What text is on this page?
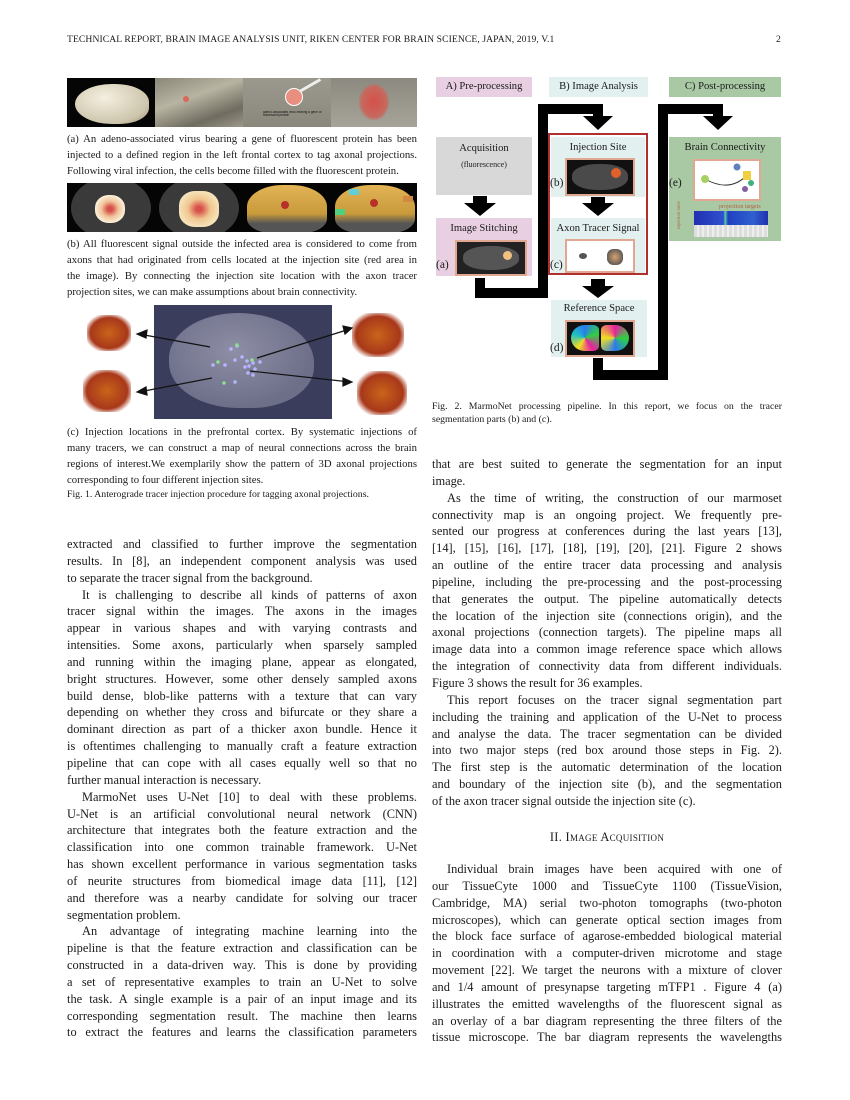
TECHNICAL REPORT, BRAIN IMAGE ANALYSIS UNIT, RIKEN CENTER FOR BRAIN SCIENCE, JAPAN, 2019, V.1	2
adeno-associated virus bearing a gene of fluorescent protein
(a) An adeno-associated virus bearing a gene of fluorescent protein has been
injected to a defined region in the left frontal cortex to tag axonal projections.
Following viral infection, the cells become filled with the fluorescent protein.
(b) All fluorescent signal outside the infected area is considered to come from
axons that had originated from cells located at the injection site (red area in
the image). By connecting the injection site location with the axon tracer
projection sites, we can make assumptions about brain connectivity.
(c) Injection locations in the prefrontal cortex. By systematic injections of
many tracers, we can construct a map of neural connections across the brain
regions of interest.We exemplarily show the pattern of 3D axonal projections
corresponding to four different injection sites.
Fig. 1. Anterograde tracer injection procedure for tagging axonal projections.
A) Pre-processing	B) Image Analysis	C) Post-processing
Acquisition
(fluorescence)
Image Stitching
Injection Site
Axon Tracer Signal
Reference Space
Brain Connectivity
projection targets
injection sites
(a)
(b)
(c)
(d)
(e)
Fig. 2. MarmoNet processing pipeline. In this report, we focus on the tracer
segmentation parts (b) and (c).
extracted and classified to further improve the segmentation
results. In [8], an independent component analysis was used
to separate the tracer signal from the background.
It is challenging to describe all kinds of patterns of axon
tracer signal within the images. The axons in the images
appear in various shapes and with varying contrasts and
intensities. Some axons, particularly when sparsely sampled
and running within the imaging plane, appear as elongated,
bright structures. However, some other densely sampled axons
build dense, blob-like patterns with a texture that can vary
depending on whether they cross and bifurcate or they share a
dominant direction as part of a thicker axon bundle. Hence it
is oftentimes challenging to manually craft a feature extraction
pipeline that can cope with all cases equally well so that no
further manual interaction is necessary.
MarmoNet uses U-Net [10] to deal with these problems.
U-Net is an artificial convolutional neural network (CNN)
architecture that integrates both the feature extraction and the
classification into one common trainable framework. U-Net
has shown excellent performance in various segmentation tasks
of neurite structures from biomedical image data [11], [12]
and therefore was a nearby candidate for solving our tracer
segmentation problem.
An advantage of integrating machine learning into the
pipeline is that the feature extraction and classification can be
constructed in a data-driven way. This is done by providing
a set of representative examples to train an U-Net to solve
the task. A single example is a pair of an input image and its
corresponding segmentation result. The machine then learns
to extract the features and learns the classification parameters
that are best suited to generate the segmentation for an input
image.
As the time of writing, the construction of our marmoset
connectivity map is an ongoing project. We frequently pre-
sented our progress at conferences during the last years [13],
[14], [15], [16], [17], [18], [19], [20], [21]. Figure 2 shows
an outline of the entire tracer data processing and analysis
pipeline, including the pre-processing and the post-processing
that generates the output. The pipeline automatically detects
the location of the injection site (connections origin), and the
axonal projections (connection targets). The pipeline maps all
image data into a common image reference space which allows
the integration of connectivity data from different individuals.
Figure 3 shows the result for 36 examples.
This report focuses on the tracer signal segmentation part
including the training and application of the U-Net to process
and analyse the data. The tracer segmentation can be divided
into two major steps (red box around those steps in Fig. 2).
The first step is the automatic determination of the location
and boundary of the injection site (b), and the segmentation
of the axon tracer signal outside the injection site (c).
II. Image Acquisition
Individual brain images have been acquired with one of
our TissueCyte 1000 and TissueCyte 1100 (TissueVision,
Cambridge, MA) serial two-photon tomographs (two-photon
microscopes), which can generate optical section images from
the block face surface of agarose-embedded biological material
in coordination with a computer-driven microtome and stage
movement [22]. We target the neurons with a mixture of clover
and 1/4 amount of presynapse targeting mTFP1 . Figure 4 (a)
illustrates the emitted wavelengths of the fluorescent signal as
an overlay of a bar diagram representing the three filters of the
tissue microscope. The bar diagram represents the wavelengths
